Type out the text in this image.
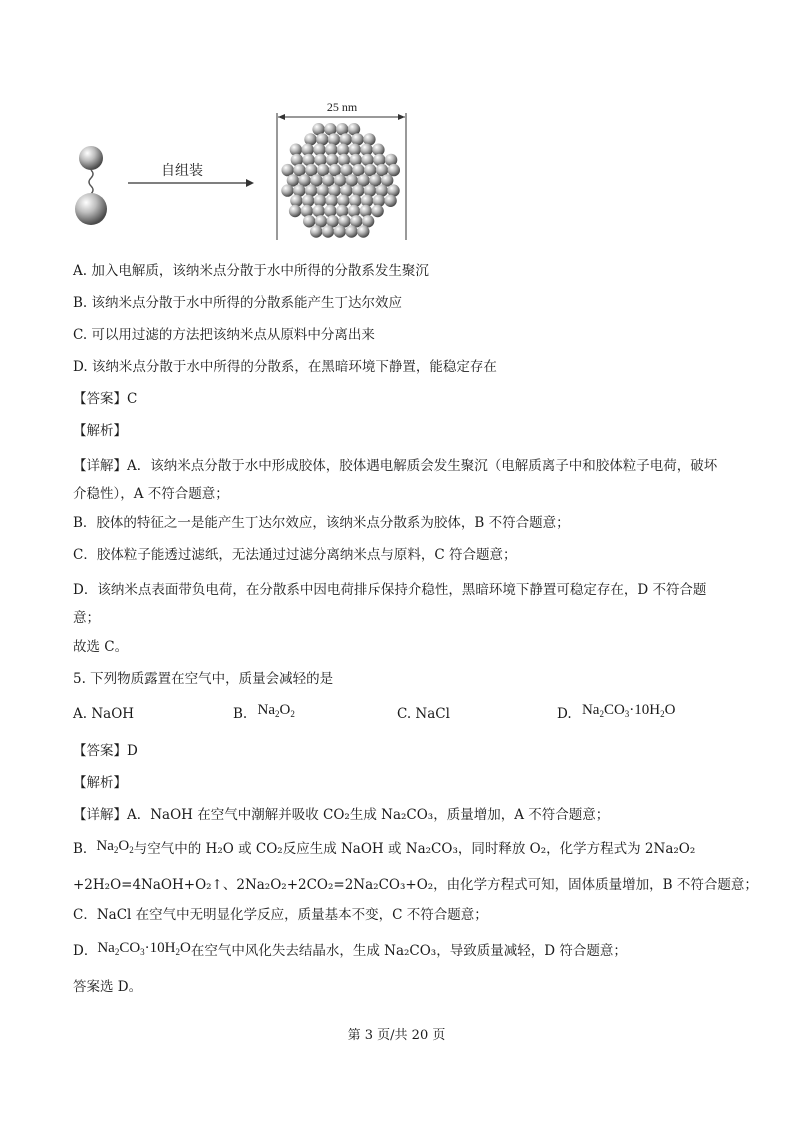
自组装
25 nm
A. 加入电解质，该纳米点分散于水中所得的分散系发生聚沉
B. 该纳米点分散于水中所得的分散系能产生丁达尔效应
C. 可以用过滤的方法把该纳米点从原料中分离出来
D. 该纳米点分散于水中所得的分散系，在黑暗环境下静置，能稳定存在
【答案】C
【解析】
【详解】A．该纳米点分散于水中形成胶体，胶体遇电解质会发生聚沉（电解质离子中和胶体粒子电荷，破坏介稳性），A 不符合题意；
B．胶体的特征之一是能产生丁达尔效应，该纳米点分散系为胶体，B 不符合题意；
C．胶体粒子能透过滤纸，无法通过过滤分离纳米点与原料，C 符合题意；
D．该纳米点表面带负电荷，在分散系中因电荷排斥保持介稳性，黑暗环境下静置可稳定存在，D 不符合题意；
故选 C。
5. 下列物质露置在空气中，质量会减轻的是
A. NaOH	B. $Na_2O_2$	C. NaCl	D. $Na_2CO_3\cdot 10H_2O$
【答案】D
【解析】
【详解】A．NaOH 在空气中潮解并吸收 CO₂生成 Na₂CO₃，质量增加，A 不符合题意；
B．$Na_2O_2$与空气中的 H₂O 或 CO₂反应生成 NaOH 或 Na₂CO₃，同时释放 O₂，化学方程式为 2Na₂O₂
+2H₂O=4NaOH+O₂↑、2Na₂O₂+2CO₂=2Na₂CO₃+O₂，由化学方程式可知，固体质量增加，B 不符合题意；
C．NaCl 在空气中无明显化学反应，质量基本不变，C 不符合题意；
D．$Na_2CO_3\cdot 10H_2O$在空气中风化失去结晶水，生成 Na₂CO₃，导致质量减轻，D 符合题意；
答案选 D。
第 3 页/共 20 页
